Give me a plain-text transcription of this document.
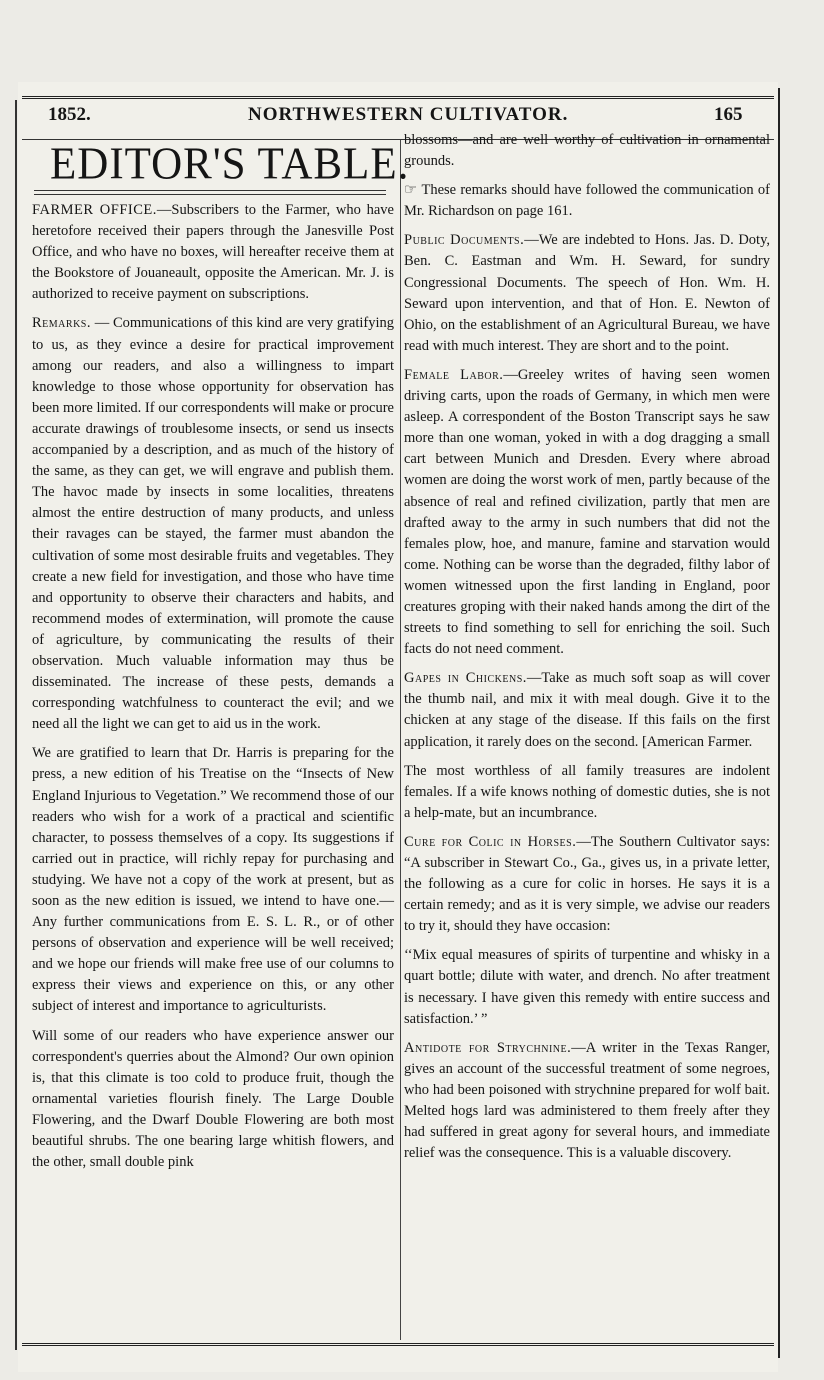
1852.	NORTHWESTERN CULTIVATOR.	165
EDITOR'S TABLE.

FARMER OFFICE.—Subscribers to the Farmer, who have heretofore received their papers through the Janesville Post Office, and who have no boxes, will hereafter receive them at the Bookstore of Jouaneault, opposite the American. Mr. J. is authorized to receive payment on subscriptions.

Remarks. — Communications of this kind are very gratifying to us, as they evince a desire for practical improvement among our readers, and also a willingness to impart knowledge to those whose opportunity for observation has been more limited. If our correspondents will make or procure accurate drawings of troublesome insects, or send us insects accompanied by a description, and as much of the history of the same, as they can get, we will engrave and publish them. The havoc made by insects in some localities, threatens almost the entire destruction of many products, and unless their ravages can be stayed, the farmer must abandon the cultivation of some most desirable fruits and vegetables. They create a new field for investigation, and those who have time and opportunity to observe their characters and habits, and recommend modes of extermination, will promote the cause of agriculture, by communicating the results of their observation. Much valuable information may thus be disseminated. The increase of these pests, demands a corresponding watchfulness to counteract the evil; and we need all the light we can get to aid us in the work.

We are gratified to learn that Dr. Harris is preparing for the press, a new edition of his Treatise on the “Insects of New England Injurious to Vegetation.” We recommend those of our readers who wish for a work of a practical and scientific character, to possess themselves of a copy. Its suggestions if carried out in practice, will richly repay for purchasing and studying. We have not a copy of the work at present, but as soon as the new edition is issued, we intend to have one.—Any further communications from E. S. L. R., or of other persons of observation and experience will be well received; and we hope our friends will make free use of our columns to express their views and experience on this, or any other subject of interest and importance to agriculturists.

Will some of our readers who have experience answer our correspondent's querries about the Almond? Our own opinion is, that this climate is too cold to produce fruit, though the ornamental varieties flourish finely. The Large Double Flowering, and the Dwarf Double Flowering are both most beautiful shrubs. The one bearing large whitish flowers, and the other, small double pink

blossoms—and are well worthy of cultivation in ornamental grounds.

☞ These remarks should have followed the communication of Mr. Richardson on page 161.

Public Documents.—We are indebted to Hons. Jas. D. Doty, Ben. C. Eastman and Wm. H. Seward, for sundry Congressional Documents. The speech of Hon. Wm. H. Seward upon intervention, and that of Hon. E. Newton of Ohio, on the establishment of an Agricultural Bureau, we have read with much interest. They are short and to the point.

Female Labor.—Greeley writes of having seen women driving carts, upon the roads of Germany, in which men were asleep. A correspondent of the Boston Transcript says he saw more than one woman, yoked in with a dog dragging a small cart between Munich and Dresden. Every where abroad women are doing the worst work of men, partly because of the absence of real and refined civilization, partly that men are drafted away to the army in such numbers that did not the females plow, hoe, and manure, famine and starvation would come. Nothing can be worse than the degraded, filthy labor of women witnessed upon the first landing in England, poor creatures groping with their naked hands among the dirt of the streets to find something to sell for enriching the soil. Such facts do not need comment.

Gapes in Chickens.—Take as much soft soap as will cover the thumb nail, and mix it with meal dough. Give it to the chicken at any stage of the disease. If this fails on the first application, it rarely does on the second. [American Farmer.

The most worthless of all family treasures are indolent females. If a wife knows nothing of domestic duties, she is not a help-mate, but an incumbrance.

Cure for Colic in Horses.—The Southern Cultivator says: “A subscriber in Stewart Co., Ga., gives us, in a private letter, the following as a cure for colic in horses. He says it is a certain remedy; and as it is very simple, we advise our readers to try it, should they have occasion:

‘‘Mix equal measures of spirits of turpentine and whisky in a quart bottle; dilute with water, and drench. No after treatment is necessary. I have given this remedy with entire success and satisfaction.’ ”

Antidote for Strychnine.—A writer in the Texas Ranger, gives an account of the successful treatment of some negroes, who had been poisoned with strychnine prepared for wolf bait. Melted hogs lard was administered to them freely after they had suffered in great agony for several hours, and immediate relief was the consequence. This is a valuable discovery.
